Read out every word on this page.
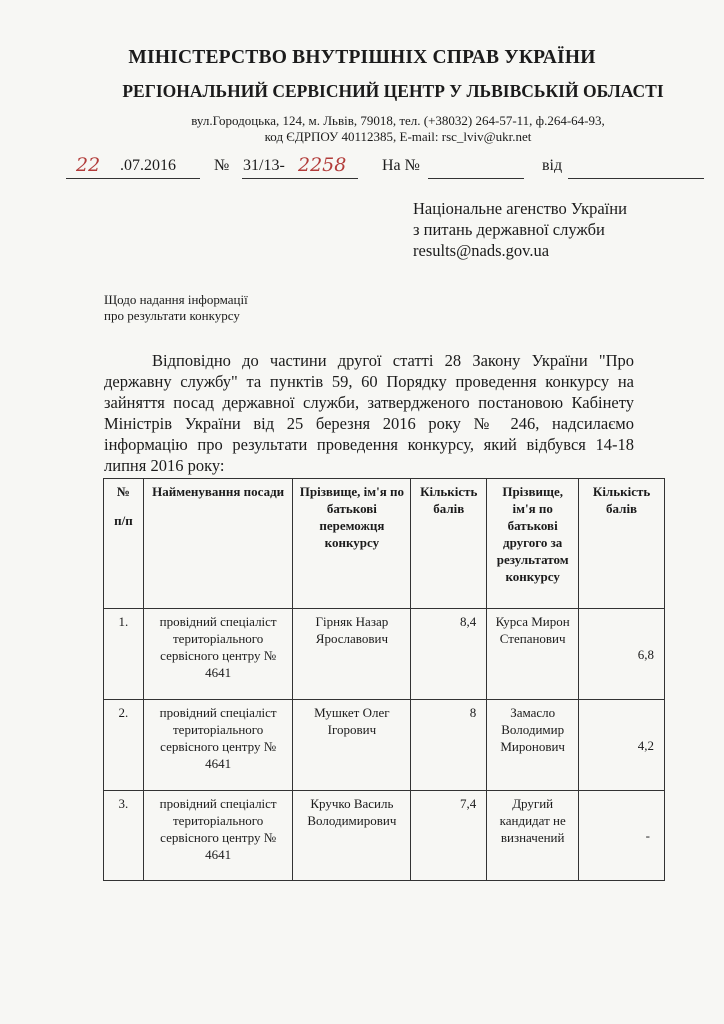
МІНІСТЕРСТВО ВНУТРІШНІХ СПРАВ УКРАЇНИ
РЕГІОНАЛЬНИЙ СЕРВІСНИЙ ЦЕНТР У ЛЬВІВСЬКІЙ ОБЛАСТІ
вул.Городоцька, 124, м. Львів, 79018, тел. (+38032) 264-57-11, ф.264-64-93,
код ЄДРПОУ 40112385, E-mail: rsc_lviv@ukr.net
22 .07.2016 № 31/13- 2258 На №	від
Національне агенство України
з питань державної служби
results@nads.gov.ua
Щодо надання інформації
про результати конкурсу
Відповідно до частини другої статті 28 Закону України "Про державну службу" та пунктів 59, 60 Порядку проведення конкурсу на зайняття посад державної служби, затвердженого постановою Кабінету Міністрів України від 25 березня 2016 року № 246, надсилаємо інформацію про результати проведення конкурсу, який відбувся 14-18 липня 2016 року:
№
п/п	Найменування посади	Прізвище, ім'я по батькові переможця конкурсу	Кількість балів	Прізвище, ім'я по батькові другого за результатом конкурсу	Кількість балів
1.	провідний спеціаліст територіального сервісного центру № 4641	Гірняк Назар Ярославович	8,4	Курса Мирон Степанович	6,8
2.	провідний спеціаліст територіального сервісного центру № 4641	Мушкет Олег Ігорович	8	Замасло Володимир Миронович	4,2
3.	провідний спеціаліст територіального сервісного центру № 4641	Кручко Василь Володимирович	7,4	Другий кандидат не визначений	-
